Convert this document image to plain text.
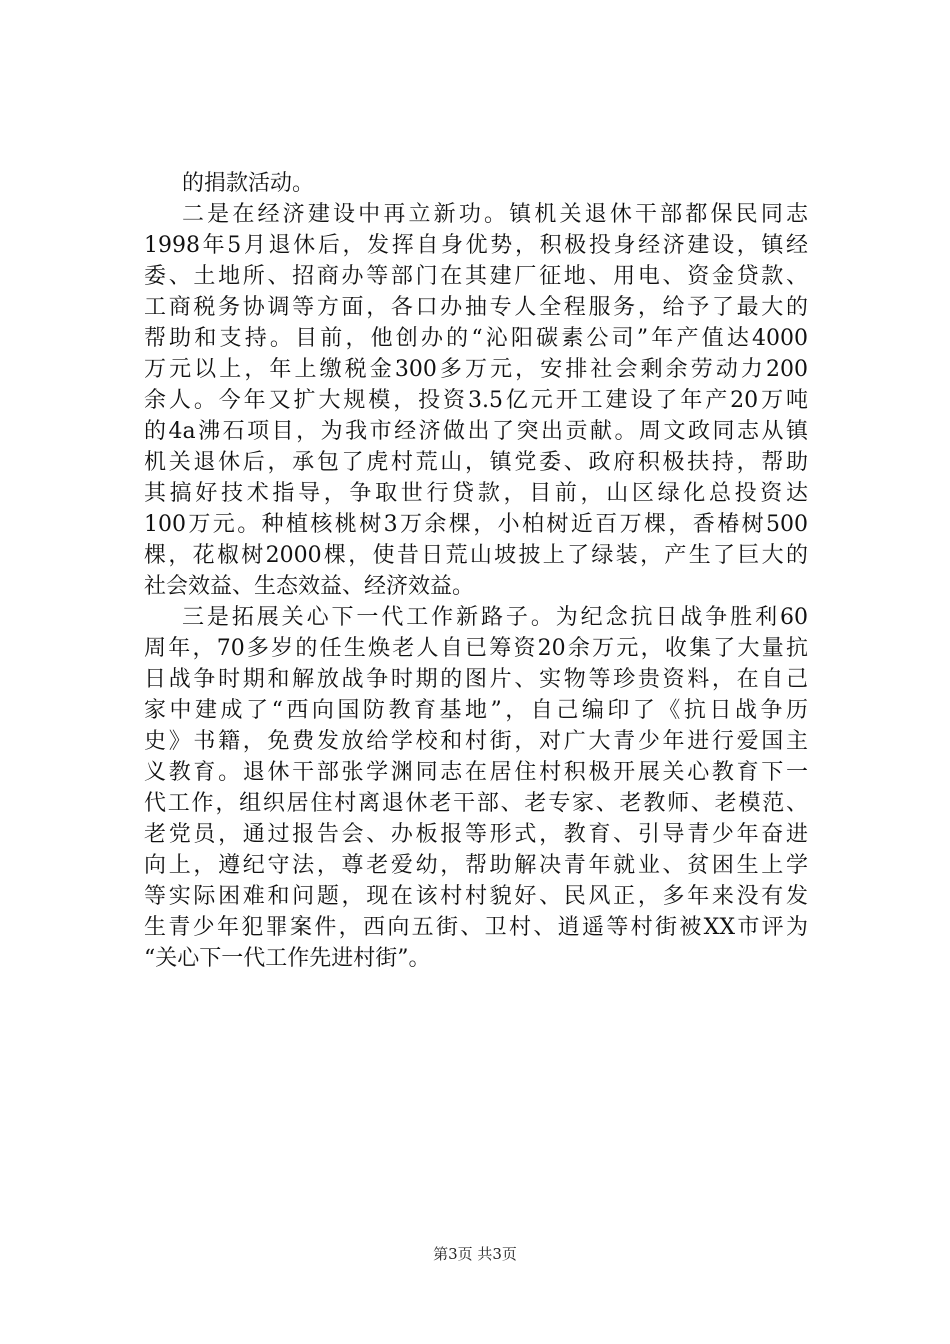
的捐款活动。
二是在经济建设中再立新功。镇机关退休干部都保民同志
1998年5月退休后，发挥自身优势，积极投身经济建设，镇经
委、土地所、招商办等部门在其建厂征地、用电、资金贷款、
工商税务协调等方面，各口办抽专人全程服务，给予了最大的
帮助和支持。目前，他创办的“沁阳碳素公司”年产值达4000
万元以上，年上缴税金300多万元，安排社会剩余劳动力200
余人。今年又扩大规模，投资3.5亿元开工建设了年产20万吨
的4a沸石项目，为我市经济做出了突出贡献。周文政同志从镇
机关退休后，承包了虎村荒山，镇党委、政府积极扶持，帮助
其搞好技术指导，争取世行贷款，目前，山区绿化总投资达
100万元。种植核桃树3万余棵，小柏树近百万棵，香椿树500
棵，花椒树2000棵，使昔日荒山坡披上了绿装，产生了巨大的
社会效益、生态效益、经济效益。
三是拓展关心下一代工作新路子。为纪念抗日战争胜利60
周年，70多岁的任生焕老人自已筹资20余万元，收集了大量抗
日战争时期和解放战争时期的图片、实物等珍贵资料，在自己
家中建成了“西向国防教育基地”，自己编印了《抗日战争历
史》书籍，免费发放给学校和村街，对广大青少年进行爱国主
义教育。退休干部张学渊同志在居住村积极开展关心教育下一
代工作，组织居住村离退休老干部、老专家、老教师、老模范、
老党员，通过报告会、办板报等形式，教育、引导青少年奋进
向上，遵纪守法，尊老爱幼，帮助解决青年就业、贫困生上学
等实际困难和问题，现在该村村貌好、民风正，多年来没有发
生青少年犯罪案件，西向五街、卫村、逍遥等村街被XX市评为
“关心下一代工作先进村街”。
第3页 共3页
